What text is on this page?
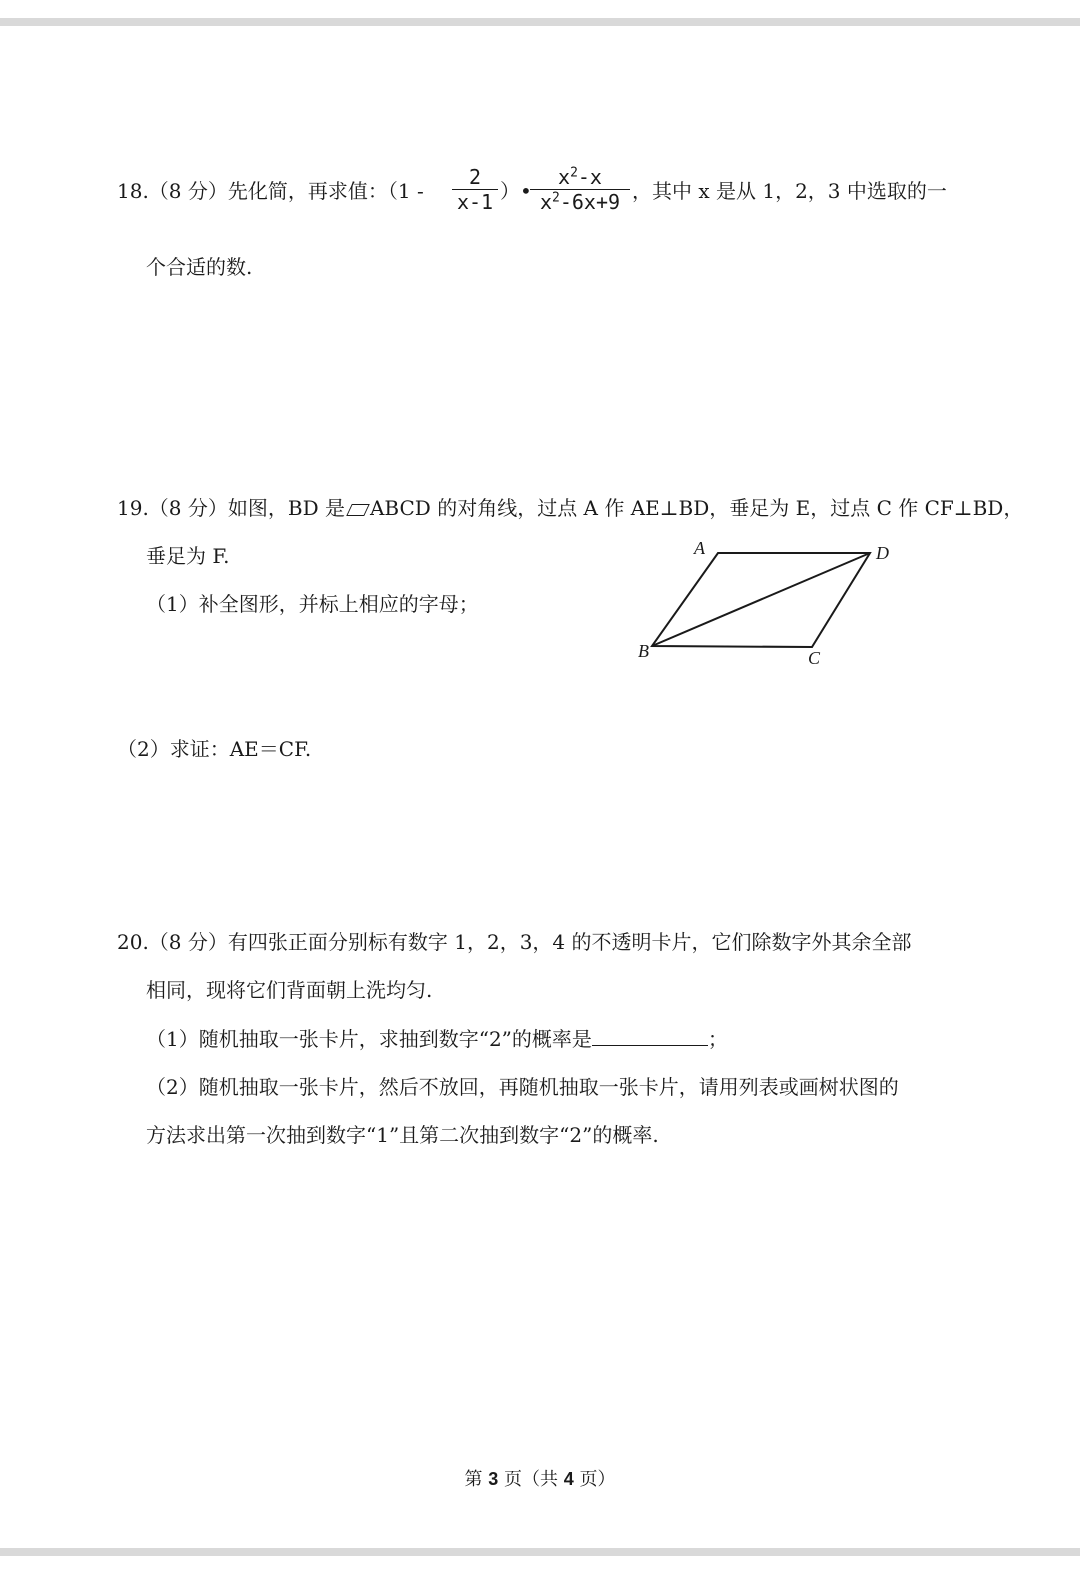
18.（8 分）先化简，再求值：（$1 - \frac{2}{x-1}$ ）•
$\frac{x^2-x}{x^2-6x+9}$ ，其中 x 是从 1，2，3 中选取的一
个合适的数.
19.（8 分）如图，BD 是 ABCD 的对角线，过点 A 作 AE⊥BD，垂足为 E，过点 C 作 CF⊥BD，
垂足为 F.
（1）补全图形，并标上相应的字母；
A	D
B	C
（2）求证：AE＝CF.
20.（8 分）有四张正面分别标有数字 1，2，3，4 的不透明卡片，它们除数字外其余全部
相同，现将它们背面朝上洗均匀.
（1）随机抽取一张卡片，求抽到数字“2”的概率是	；
（2）随机抽取一张卡片，然后不放回，再随机抽取一张卡片，请用列表或画树状图的
方法求出第一次抽到数字“1”且第二次抽到数字“2”的概率.
第 3 页（共 4 页）
